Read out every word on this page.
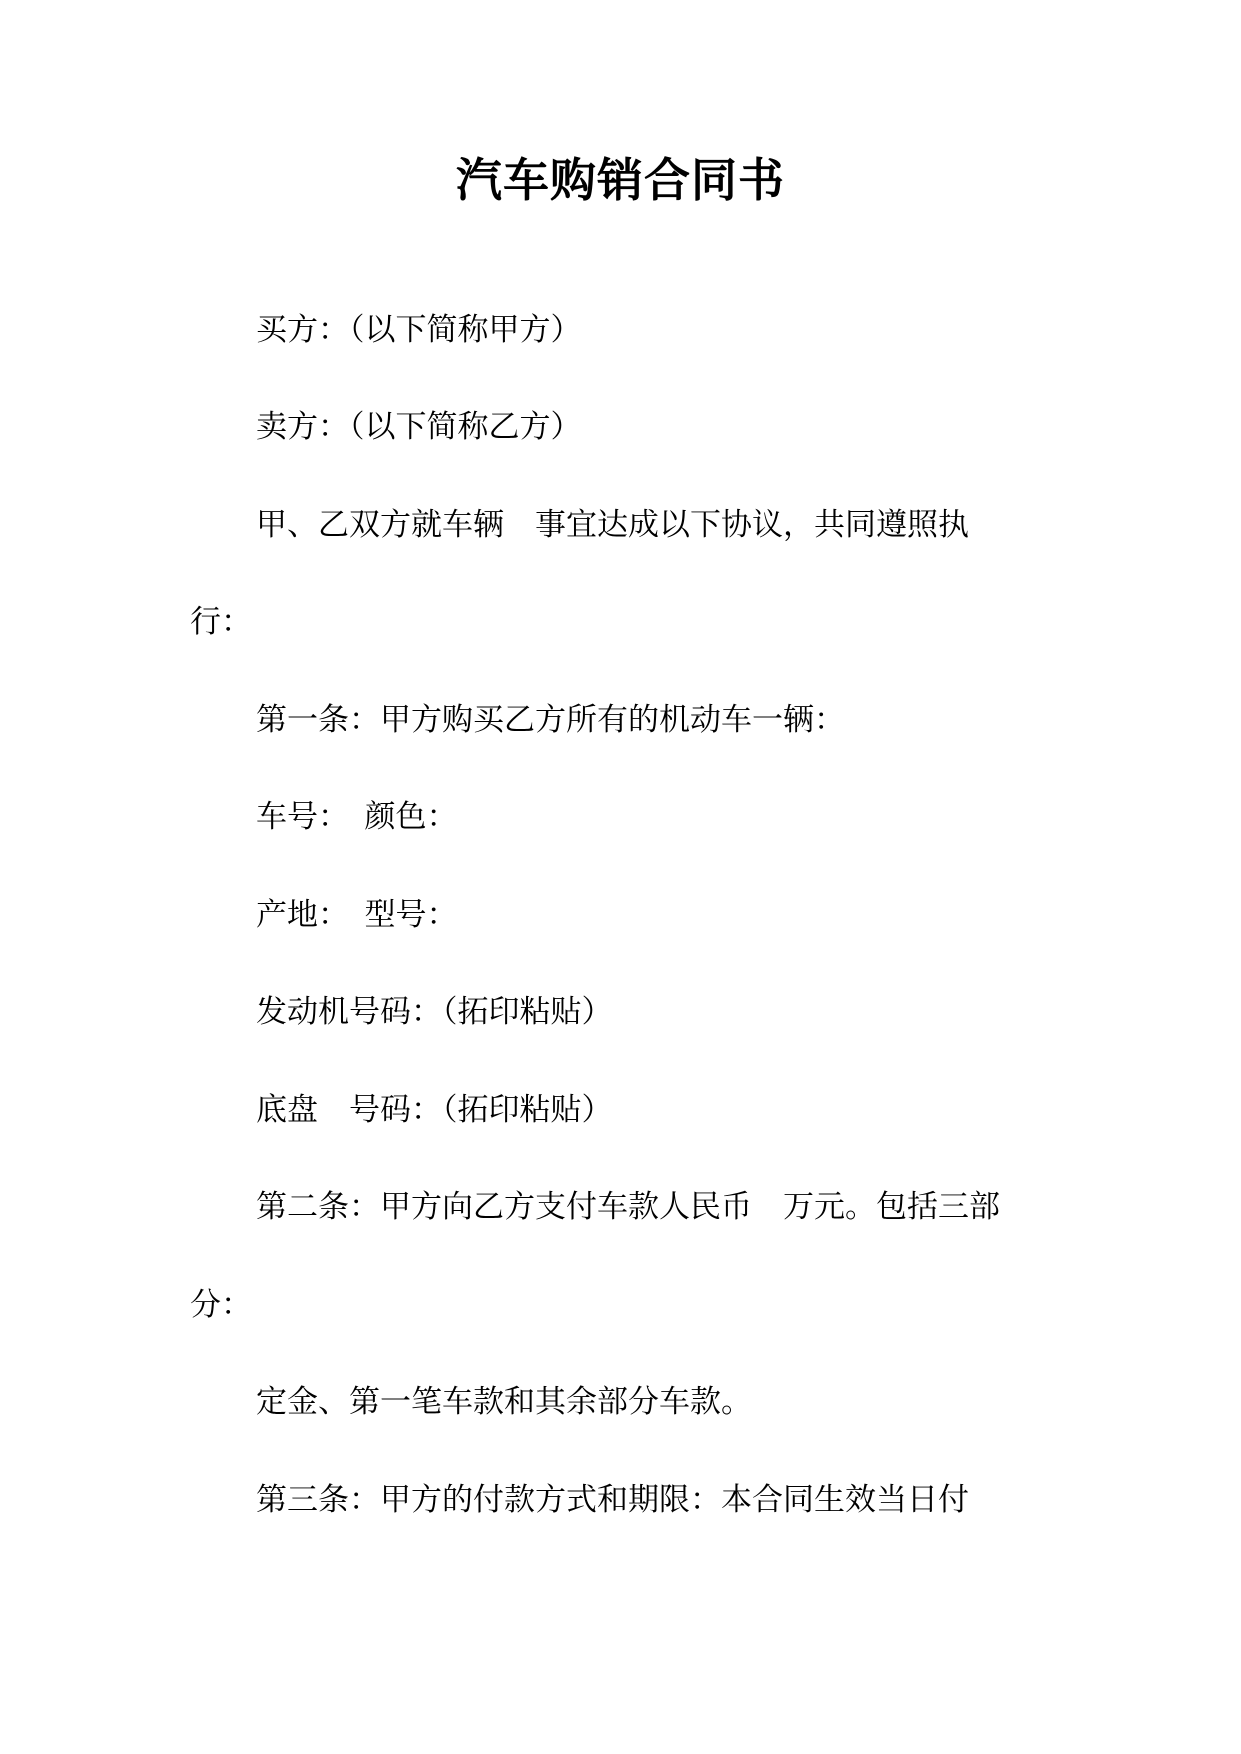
汽车购销合同书
买方：（以下简称甲方）
卖方：（以下简称乙方）
甲、乙双方就车辆　事宜达成以下协议，共同遵照执
行：
第一条：甲方购买乙方所有的机动车一辆：
车号：　颜色：
产地：　型号：
发动机号码：（拓印粘贴）
底盘　号码：（拓印粘贴）
第二条：甲方向乙方支付车款人民币　万元。包括三部
分：
定金、第一笔车款和其余部分车款。
第三条：甲方的付款方式和期限：本合同生效当日付
